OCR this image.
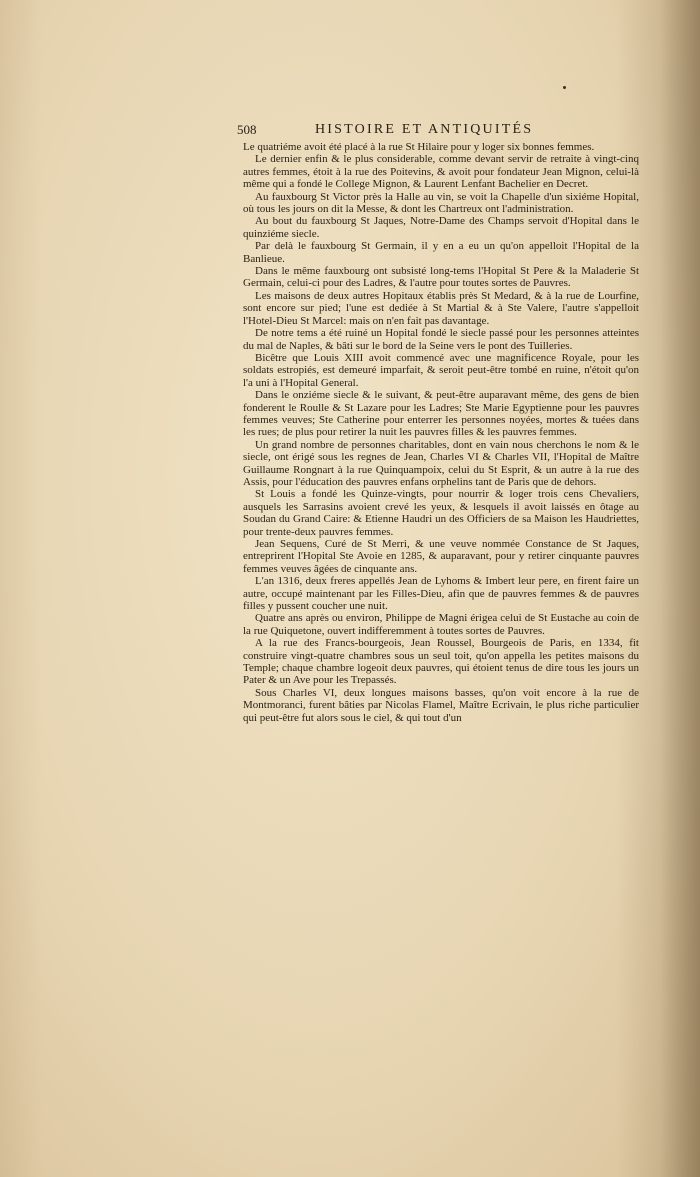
508	HISTOIRE ET ANTIQUITÉS

Le quatriéme avoit été placé à la rue St Hilaire pour y loger six bonnes femmes.

Le dernier enfin & le plus considerable, comme devant servir de retraite à vingt-cinq autres femmes, étoit à la rue des Poitevins, & avoit pour fondateur Jean Mignon, celui-là même qui a fondé le College Mignon, & Laurent Lenfant Bachelier en Decret.

Au fauxbourg St Victor près la Halle au vin, se voit la Chapelle d'un sixiéme Hopital, où tous les jours on dit la Messe, & dont les Chartreux ont l'administration.

Au bout du fauxbourg St Jaques, Notre-Dame des Champs servoit d'Hopital dans le quinziéme siecle.

Par delà le fauxbourg St Germain, il y en a eu un qu'on appelloit l'Hopital de la Banlieue.

Dans le même fauxbourg ont subsisté long-tems l'Hopital St Pere & la Maladerie St Germain, celui-ci pour des Ladres, & l'autre pour toutes sortes de Pauvres.

Les maisons de deux autres Hopitaux établis près St Medard, & à la rue de Lourfine, sont encore sur pied; l'une est dediée à St Martial & à Ste Valere, l'autre s'appelloit l'Hotel-Dieu St Marcel: mais on n'en fait pas davantage.

De notre tems a été ruiné un Hopital fondé le siecle passé pour les personnes atteintes du mal de Naples, & bâti sur le bord de la Seine vers le pont des Tuilleries.

Bicêtre que Louis XIII avoit commencé avec une magnificence Royale, pour les soldats estropiés, est demeuré imparfait, & seroit peut-être tombé en ruine, n'étoit qu'on l'a uni à l'Hopital General.

Dans le onziéme siecle & le suivant, & peut-être auparavant même, des gens de bien fonderent le Roulle & St Lazare pour les Ladres; Ste Marie Egyptienne pour les pauvres femmes veuves; Ste Catherine pour enterrer les personnes noyées, mortes & tuées dans les rues; de plus pour retirer la nuit les pauvres filles & les pauvres femmes.

Un grand nombre de personnes charitables, dont en vain nous cherchons le nom & le siecle, ont érigé sous les regnes de Jean, Charles VI & Charles VII, l'Hopital de Maître Guillaume Rongnart à la rue Quinquampoix, celui du St Esprit, & un autre à la rue des Assis, pour l'éducation des pauvres enfans orphelins tant de Paris que de dehors.

St Louis a fondé les Quinze-vingts, pour nourrir & loger trois cens Chevaliers, ausquels les Sarrasins avoient crevé les yeux, & lesquels il avoit laissés en ôtage au Soudan du Grand Caire: & Etienne Haudri un des Officiers de sa Maison les Haudriettes, pour trente-deux pauvres femmes.

Jean Sequens, Curé de St Merri, & une veuve nommée Constance de St Jaques, entreprirent l'Hopital Ste Avoie en 1285, & auparavant, pour y retirer cinquante pauvres femmes veuves âgées de cinquante ans.

L'an 1316, deux freres appellés Jean de Lyhoms & Imbert leur pere, en firent faire un autre, occupé maintenant par les Filles-Dieu, afin que de pauvres femmes & de pauvres filles y pussent coucher une nuit.

Quatre ans après ou environ, Philippe de Magni érigea celui de St Eustache au coin de la rue Quiquetone, ouvert indifferemment à toutes sortes de Pauvres.

A la rue des Francs-bourgeois, Jean Roussel, Bourgeois de Paris, en 1334, fit construire vingt-quatre chambres sous un seul toit, qu'on appella les petites maisons du Temple; chaque chambre logeoit deux pauvres, qui étoient tenus de dire tous les jours un Pater & un Ave pour les Trepassés.

Sous Charles VI, deux longues maisons basses, qu'on voit encore à la rue de Montmoranci, furent bâties par Nicolas Flamel, Maître Ecrivain, le plus riche particulier qui peut-être fut alors sous le ciel, & qui tout d'un
